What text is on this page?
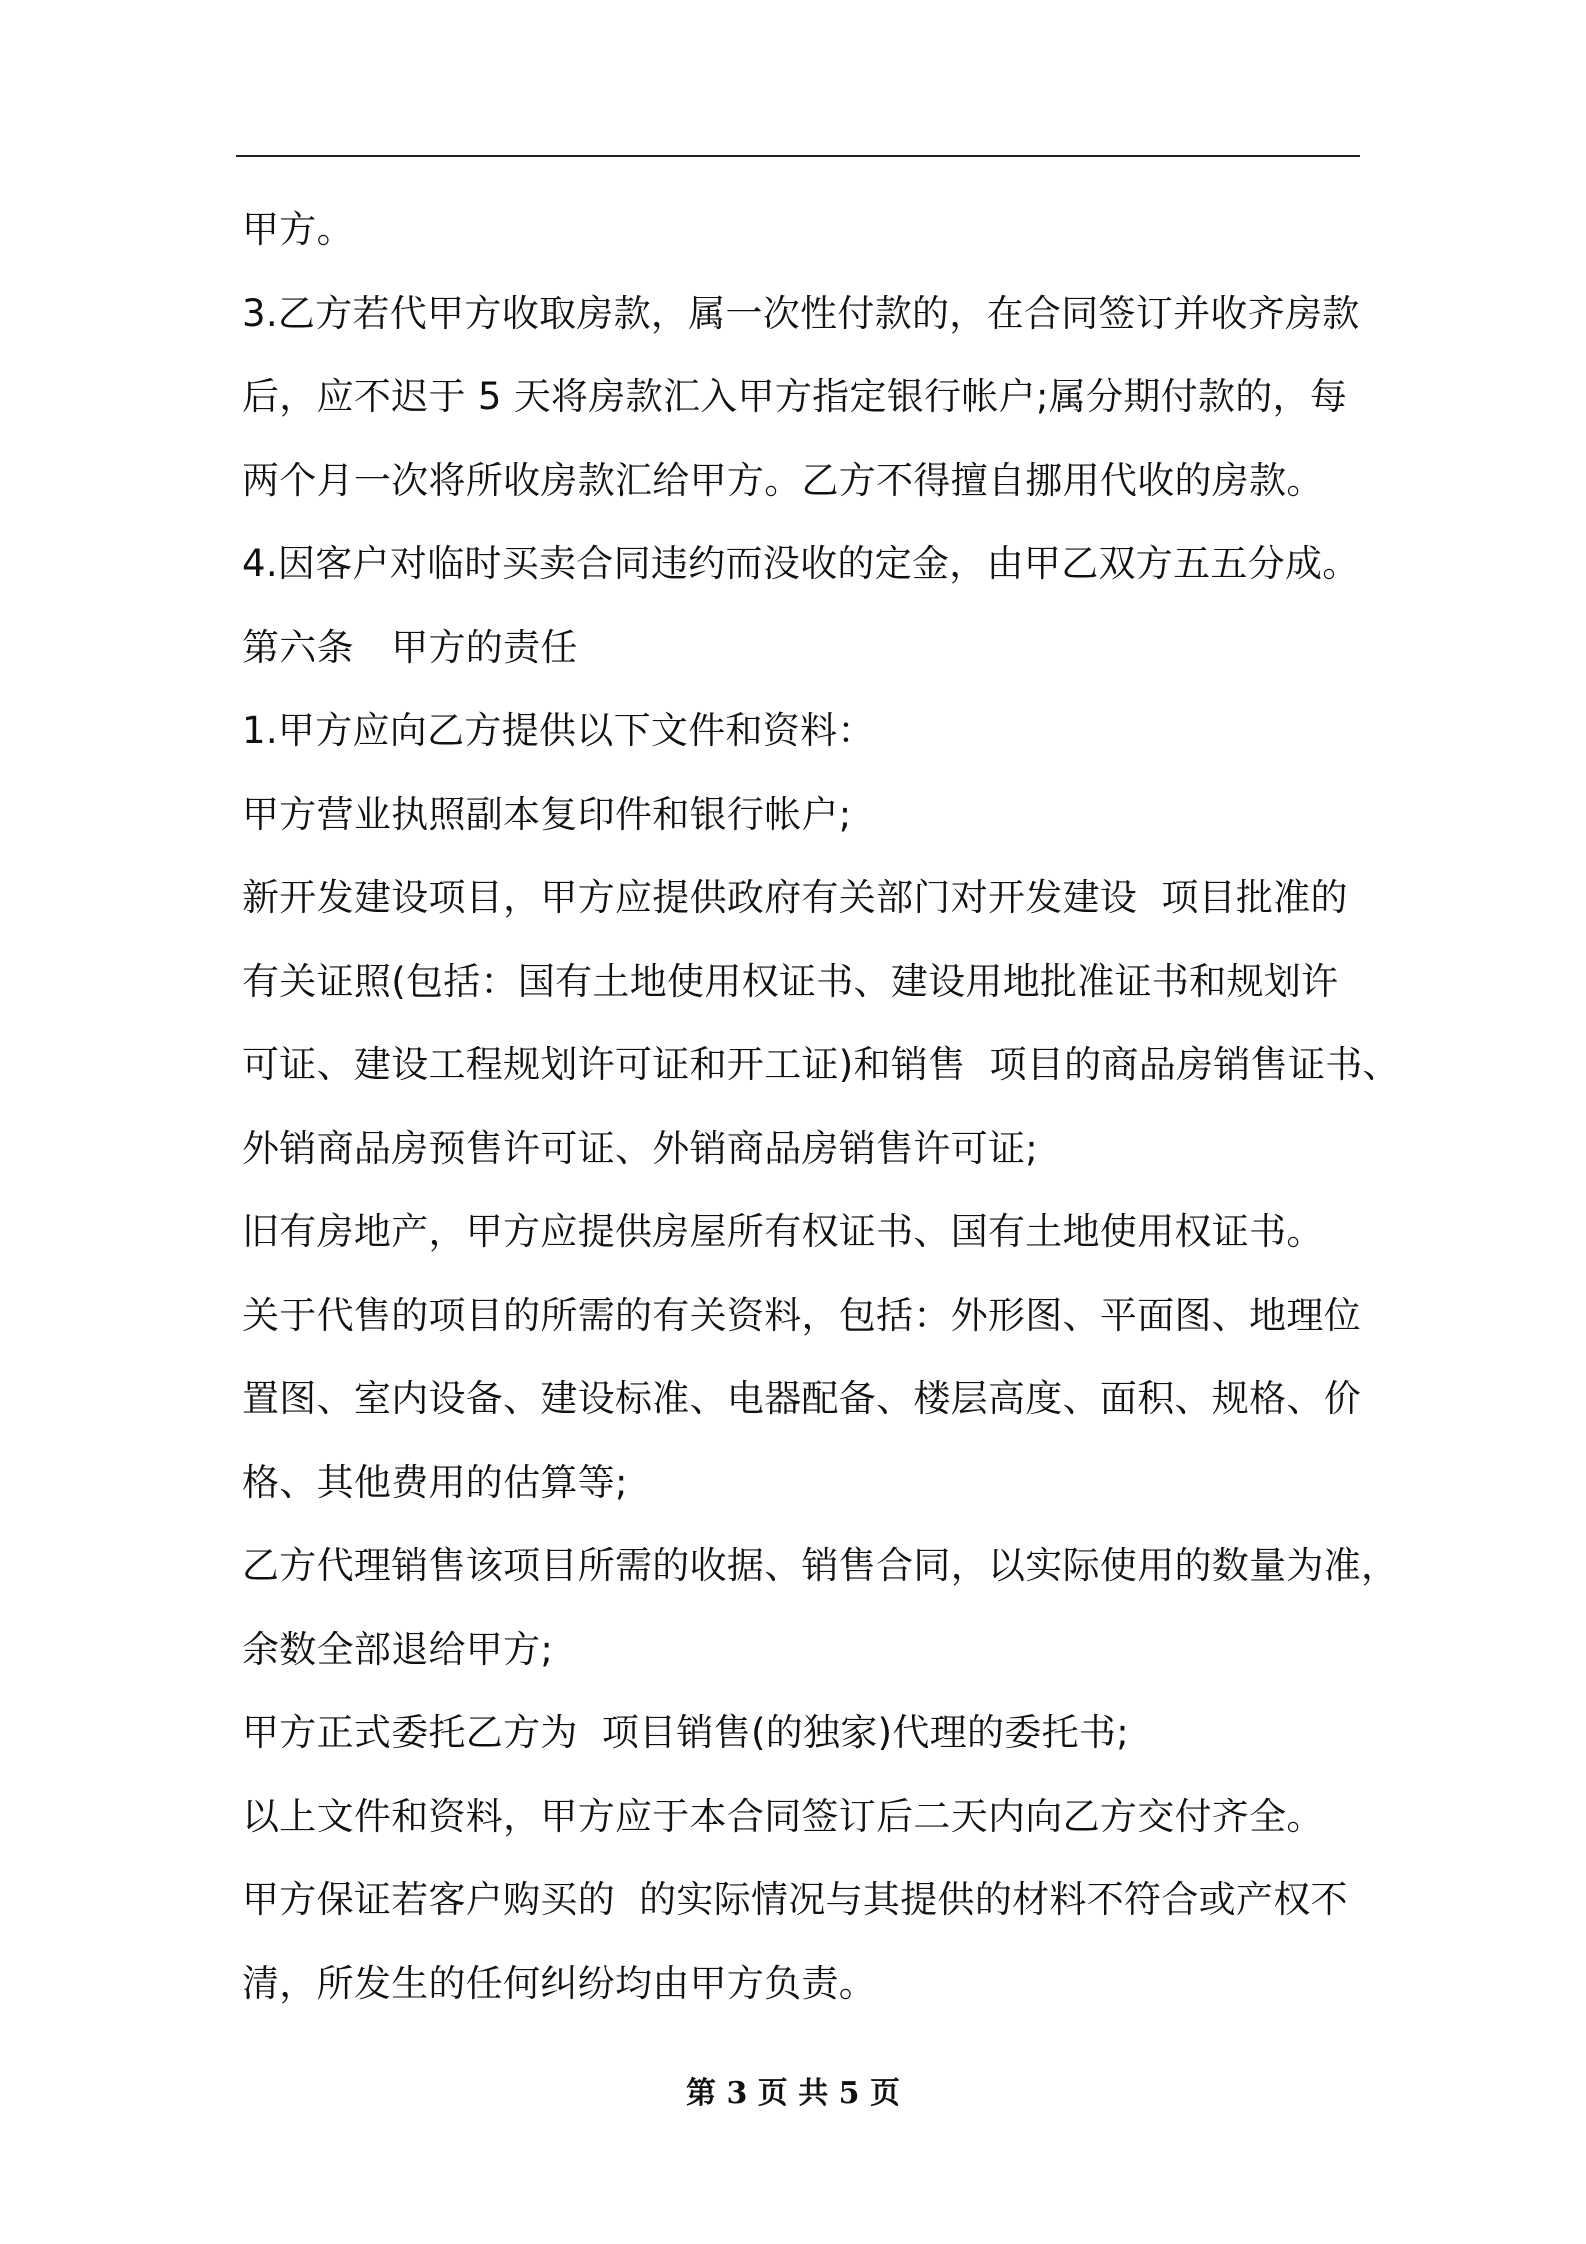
甲方。
3.乙方若代甲方收取房款，属一次性付款的，在合同签订并收齐房款
后，应不迟于 5 天将房款汇入甲方指定银行帐户;属分期付款的，每
两个月一次将所收房款汇给甲方。乙方不得擅自挪用代收的房款。
4.因客户对临时买卖合同违约而没收的定金，由甲乙双方五五分成。
第六条　甲方的责任
1.甲方应向乙方提供以下文件和资料：
甲方营业执照副本复印件和银行帐户;
新开发建设项目，甲方应提供政府有关部门对开发建设  项目批准的
有关证照(包括：国有土地使用权证书、建设用地批准证书和规划许
可证、建设工程规划许可证和开工证)和销售  项目的商品房销售证书、
外销商品房预售许可证、外销商品房销售许可证;
旧有房地产，甲方应提供房屋所有权证书、国有土地使用权证书。
关于代售的项目的所需的有关资料，包括：外形图、平面图、地理位
置图、室内设备、建设标准、电器配备、楼层高度、面积、规格、价
格、其他费用的估算等;
乙方代理销售该项目所需的收据、销售合同，以实际使用的数量为准，
余数全部退给甲方;
甲方正式委托乙方为  项目销售(的独家)代理的委托书;
以上文件和资料，甲方应于本合同签订后二天内向乙方交付齐全。
甲方保证若客户购买的  的实际情况与其提供的材料不符合或产权不
清，所发生的任何纠纷均由甲方负责。
第 3 页 共 5 页
